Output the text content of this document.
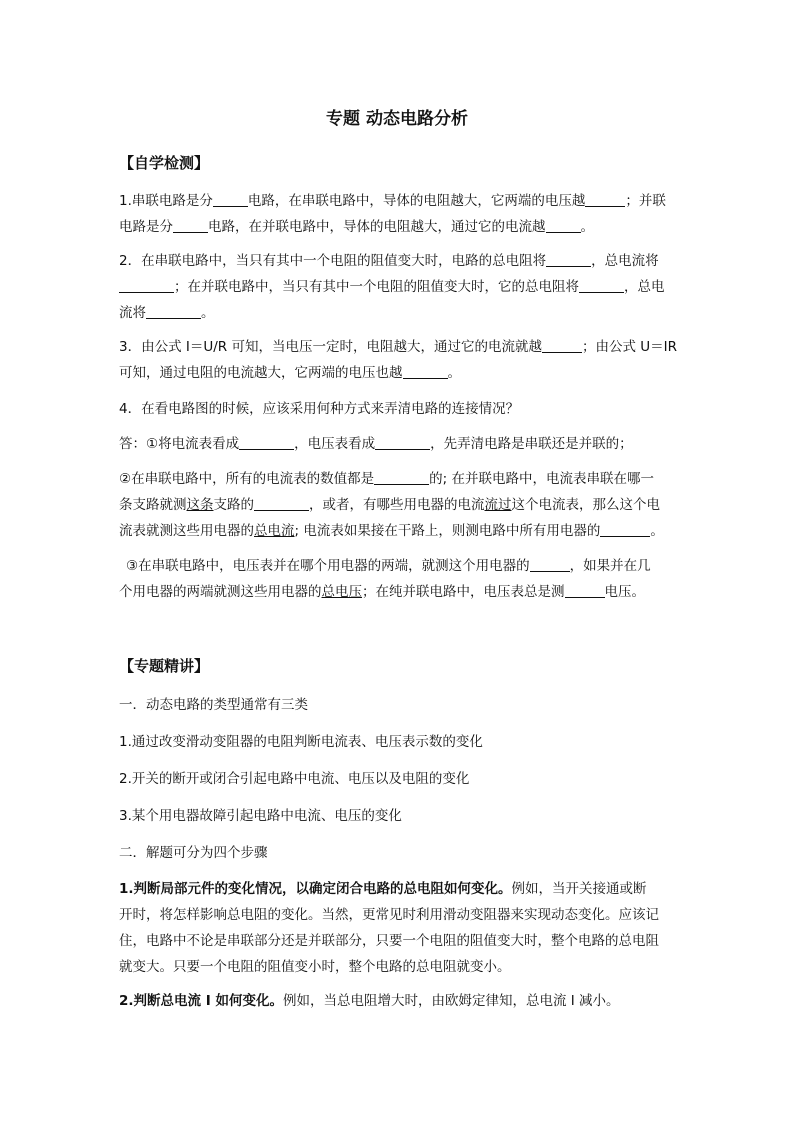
专题 动态电路分析
【自学检测】
1.串联电路是分	电路，在串联电路中，导体的电阻越大，它两端的电压越	；并联
电路是分	电路，在并联电路中，导体的电阻越大，通过它的电流越	。
2．在串联电路中，当只有其中一个电阻的阻值变大时，电路的总电阻将	，总电流将
；在并联电路中，当只有其中一个电阻的阻值变大时，它的总电阻将	，总电
流将	。
3．由公式 I＝U/R 可知，当电压一定时，电阻越大，通过它的电流就越	；由公式 U＝IR
可知，通过电阻的电流越大，它两端的电压也越	。
4．在看电路图的时候，应该采用何种方式来弄清电路的连接情况？
答：①将电流表看成	，电压表看成	，先弄清电路是串联还是并联的；
②在串联电路中，所有的电流表的数值都是	的; 在并联电路中，电流表串联在哪一
条支路就测这条支路的	，或者，有哪些用电器的电流流过这个电流表，那么这个电
流表就测这些用电器的总电流; 电流表如果接在干路上，则测电路中所有用电器的	。
③在串联电路中，电压表并在哪个用电器的两端，就测这个用电器的	，如果并在几
个用电器的两端就测这些用电器的总电压；在纯并联电路中，电压表总是测	电压。
【专题精讲】
一．动态电路的类型通常有三类
1.通过改变滑动变阻器的电阻判断电流表、电压表示数的变化
2.开关的断开或闭合引起电路中电流、电压以及电阻的变化
3.某个用电器故障引起电路中电流、电压的变化
二．解题可分为四个步骤
1.判断局部元件的变化情况，以确定闭合电路的总电阻如何变化。例如，当开关接通或断
开时，将怎样影响总电阻的变化。当然，更常见时利用滑动变阻器来实现动态变化。应该记
住，电路中不论是串联部分还是并联部分，只要一个电阻的阻值变大时，整个电路的总电阻
就变大。只要一个电阻的阻值变小时，整个电路的总电阻就变小。
2.判断总电流 I 如何变化。例如，当总电阻增大时，由欧姆定律知，总电流 I 减小。
